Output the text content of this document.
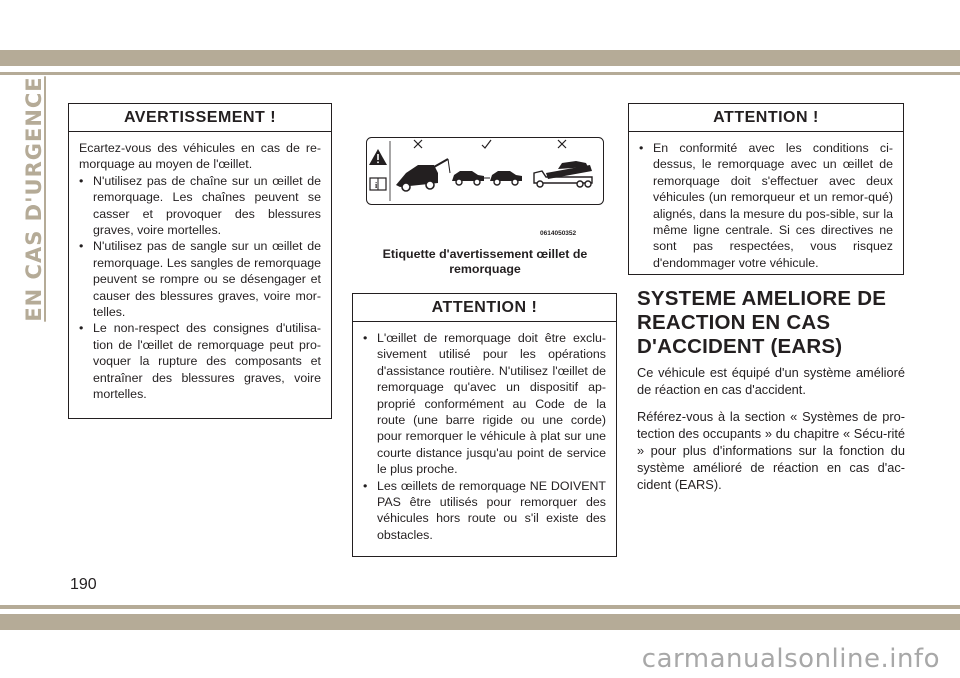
EN CAS D'URGENCE	AVERTISSEMENT !

Ecartez-vous des véhicules en cas de re-morquage au moyen de l'œillet.

• N'utilisez pas de chaîne sur un œillet de remorquage. Les chaînes peuvent se casser et provoquer des blessures graves, voire mortelles.
• N'utilisez pas de sangle sur un œillet de remorquage. Les sangles de remorquage peuvent se rompre ou se désengager et causer des blessures graves, voire mor-telles.
• Le non-respect des consignes d'utilisa-tion de l'œillet de remorquage peut pro-voquer la rupture des composants et entraîner des blessures graves, voire mortelles.
i
0614050352
Etiquette d'avertissement œillet de remorquage
ATTENTION !
• L'œillet de remorquage doit être exclu-sivement utilisé pour les opérations d'assistance routière. N'utilisez l'œillet de remorquage qu'avec un dispositif ap-proprié conformément au Code de la route (une barre rigide ou une corde) pour remorquer le véhicule à plat sur une courte distance jusqu'au point de service le plus proche.
• Les œillets de remorquage NE DOIVENT PAS être utilisés pour remorquer des véhicules hors route ou s'il existe des obstacles.
ATTENTION !
• En conformité avec les conditions ci-dessus, le remorquage avec un œillet de remorquage doit s'effectuer avec deux véhicules (un remorqueur et un remor-qué) alignés, dans la mesure du pos-sible, sur la même ligne centrale. Si ces directives ne sont pas respectées, vous risquez d'endommager votre véhicule.
SYSTEME AMELIORE DE REACTION EN CAS D'ACCIDENT (EARS)

Ce véhicule est équipé d'un système amélioré de réaction en cas d'accident.

Référez-vous à la section « Systèmes de pro-tection des occupants » du chapitre « Sécu-rité » pour plus d'informations sur la fonction du système amélioré de réaction en cas d'ac-cident (EARS).

190
carmanualsonline.info
